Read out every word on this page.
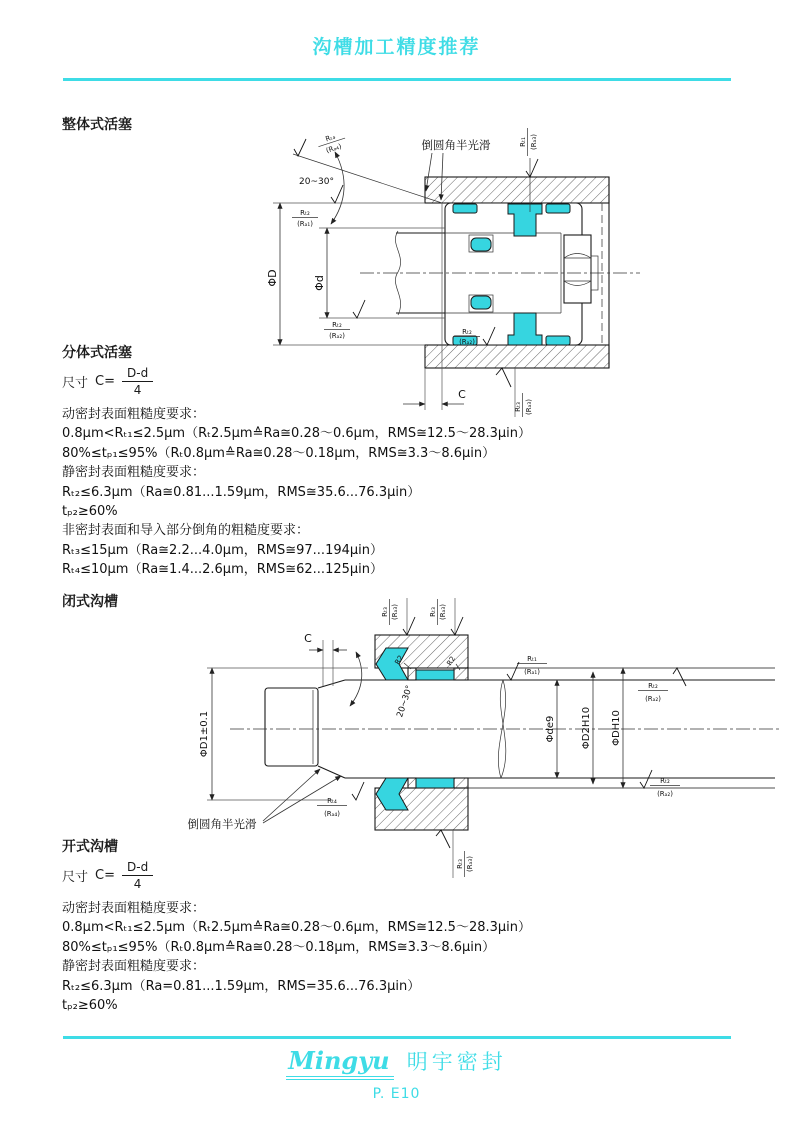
沟槽加工精度推荐
整体式活塞
ΦD	Φd
Rₜ₂
(Rₐ₁)
Rₜ₂
(Rₐ₂)
Rₜ₄
(Rₐ₄)
20~30°
Rₜ₁ (Rₐ₃)
倒圆角半光滑
Rₜ₂
(Rₐ₂)
Rₜ₃ (Rₐ₃)
C
分体式活塞
尺寸 $C= \frac{D-d}{4}$
动密封表面粗糙度要求：
0.8μm<Rₜ₁≤2.5μm（Rₜ2.5μm≙Ra≅0.28～0.6μm，RMS≅12.5～28.3μin）
80%≤tₚ₁≤95%（Rₜ0.8μm≙Ra≅0.28～0.18μm，RMS≅3.3～8.6μin）
静密封表面粗糙度要求：
Rₜ₂≤6.3μm（Ra≅0.81...1.59μm，RMS≅35.6...76.3μin）
tₚ₂≥60%
非密封表面和导入部分倒角的粗糙度要求：
Rₜ₃≤15μm（Ra≅2.2...4.0μm，RMS≅97...194μin）
Rₜ₄≤10μm（Ra≅1.4...2.6μm，RMS≅62...125μin）
闭式沟槽
C
20~30°
ΦD1±0.1
Rₜ₃ (Rₐ₃)	Rₜ₃ (Rₐ₃)
R2	R2	Rₜ₁
(Rₐ₁)
Rₜ₂
(Rₐ₂)
Rₜ₂
(Rₐ₂)
Φde9	ΦD2H10 ΦDH10
Rₜ₄
(Rₐ₄)
倒圆角半光滑
Rₜ₃ (Rₐ₃)
开式沟槽
尺寸 $C= \frac{D-d}{4}$
动密封表面粗糙度要求：
0.8μm<Rₜ₁≤2.5μm（Rₜ2.5μm≙Ra≅0.28～0.6μm，RMS≅12.5～28.3μin）
80%≤tₚ₁≤95%（Rₜ0.8μm≙Ra≅0.28～0.18μm，RMS≅3.3～8.6μin）
静密封表面粗糙度要求：
Rₜ₂≤6.3μm（Ra=0.81...1.59μm，RMS=35.6...76.3μin）
tₚ₂≥60%
Mingyu 明宇密封
P. E10
